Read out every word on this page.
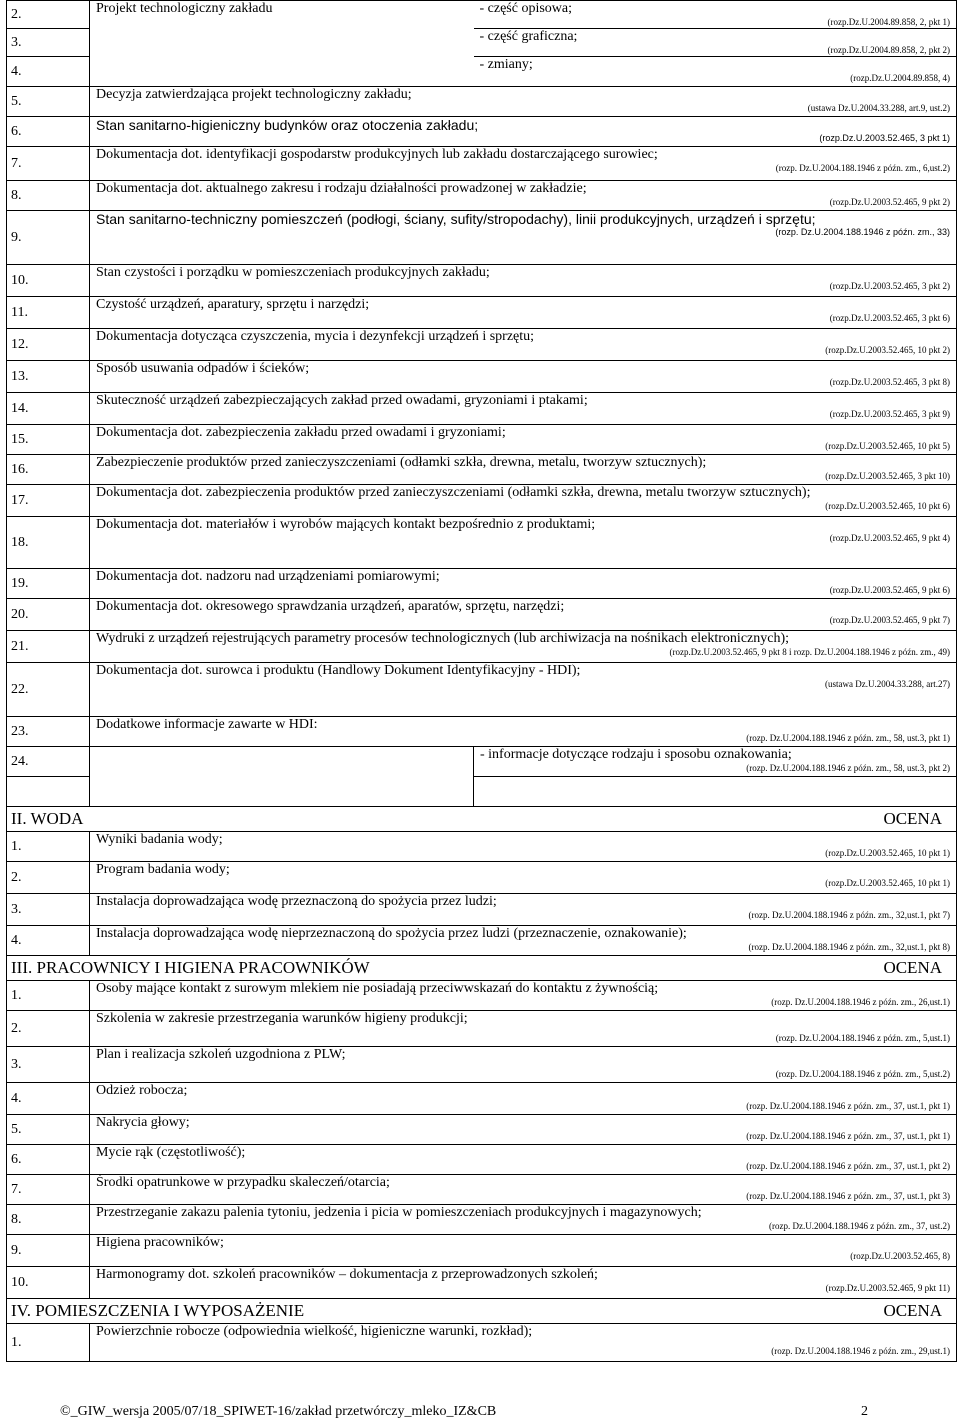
2.	Projekt technologiczny zakładu	- część opisowa;
(rozp.Dz.U.2004.89.858, 2, pkt 1)

3.		- część graficzna;
(rozp.Dz.U.2004.89.858, 2, pkt 2)

4.		- zmiany;
(rozp.Dz.U.2004.89.858, 4)

5.	Decyzja zatwierdzająca projekt technologiczny zakładu;
(ustawa Dz.U.2004.33.288, art.9, ust.2)	

6.	Stan sanitarno-higieniczny budynków oraz otoczenia zakładu;
(rozp.Dz.U.2003.52.465, 3 pkt 1)	

7.	Dokumentacja dot. identyfikacji gospodarstw produkcyjnych lub zakładu dostarczającego surowiec;
(rozp. Dz.U.2004.188.1946 z późn. zm., 6,ust.2)	

8.	Dokumentacja dot. aktualnego zakresu i rodzaju działalności prowadzonej w zakładzie;
(rozp.Dz.U.2003.52.465, 9 pkt 2)	

9.	Stan sanitarno-techniczny pomieszczeń (podłogi, ściany, sufity/stropodachy), linii produkcyjnych, urządzeń i sprzętu;
(rozp. Dz.U.2004.188.1946 z późn. zm., 33)	

10.	Stan czystości i porządku w pomieszczeniach produkcyjnych zakładu;
(rozp.Dz.U.2003.52.465, 3 pkt 2)	

11.	Czystość urządzeń, aparatury, sprzętu i narzędzi;
(rozp.Dz.U.2003.52.465, 3 pkt 6)	

12.	Dokumentacja dotycząca czyszczenia, mycia i dezynfekcji urządzeń i sprzętu;
(rozp.Dz.U.2003.52.465, 10 pkt 2)	

13.	Sposób usuwania odpadów i ścieków;
(rozp.Dz.U.2003.52.465, 3 pkt 8)	

14.	Skuteczność urządzeń zabezpieczających zakład przed owadami, gryzoniami i ptakami;
(rozp.Dz.U.2003.52.465, 3 pkt 9)	

15.	Dokumentacja dot. zabezpieczenia zakładu przed owadami i gryzoniami;
(rozp.Dz.U.2003.52.465, 10 pkt 5)	

16.	Zabezpieczenie produktów przed zanieczyszczeniami (odłamki szkła, drewna, metalu, tworzyw sztucznych);
(rozp.Dz.U.2003.52.465, 3 pkt 10)	

17.	Dokumentacja dot. zabezpieczenia produktów przed zanieczyszczeniami (odłamki szkła, drewna, metalu tworzyw sztucznych);
(rozp.Dz.U.2003.52.465, 10 pkt 6)	

18.	Dokumentacja dot. materiałów i wyrobów mających kontakt bezpośrednio z produktami;
(rozp.Dz.U.2003.52.465, 9 pkt 4)	

19.	Dokumentacja dot. nadzoru nad urządzeniami pomiarowymi;
(rozp.Dz.U.2003.52.465, 9 pkt 6)	

20.	Dokumentacja dot. okresowego sprawdzania urządzeń, aparatów, sprzętu, narzędzi;
(rozp.Dz.U.2003.52.465, 9 pkt 7)	

21.	Wydruki z urządzeń rejestrujących parametry procesów technologicznych (lub archiwizacja na nośnikach elektronicznych);
(rozp.Dz.U.2003.52.465, 9 pkt 8 i rozp. Dz.U.2004.188.1946 z późn. zm., 49)	

22.	Dokumentacja dot. surowca i produktu (Handlowy Dokument Identyfikacyjny - HDI);
(ustawa Dz.U.2004.33.288, art.27)	

23.	Dodatkowe informacje zawarte w HDI:
(rozp. Dz.U.2004.188.1946 z późn. zm., 58, ust.3, pkt 1)	

24.		- informacje dotyczące rodzaju i sposobu oznakowania;
(rozp. Dz.U.2004.188.1946 z późn. zm., 58, ust.3, pkt 2)

II. WODA OCENA		

1.	Wyniki badania wody;
(rozp.Dz.U.2003.52.465, 10 pkt 1)	

2.	Program badania wody;
(rozp.Dz.U.2003.52.465, 10 pkt 1)	

3.	Instalacja doprowadzająca wodę przeznaczoną do spożycia przez ludzi;
(rozp. Dz.U.2004.188.1946 z późn. zm., 32,ust.1, pkt 7)	

4.	Instalacja doprowadzająca wodę nieprzeznaczoną do spożycia przez ludzi (przeznaczenie, oznakowanie);
(rozp. Dz.U.2004.188.1946 z późn. zm., 32,ust.1, pkt 8)	

III. PRACOWNICY I HIGIENA PRACOWNIKÓW OCENA		

1.	Osoby mające kontakt z surowym mlekiem nie posiadają przeciwwskazań do kontaktu z żywnością;
(rozp. Dz.U.2004.188.1946 z późn. zm., 26,ust.1)	

2.	Szkolenia w zakresie przestrzegania warunków higieny produkcji;
(rozp. Dz.U.2004.188.1946 z późn. zm., 5,ust.1)	

3.	Plan i realizacja szkoleń uzgodniona z PLW;
(rozp. Dz.U.2004.188.1946 z późn. zm., 5,ust.2)	

4.	Odzież robocza;
(rozp. Dz.U.2004.188.1946 z późn. zm., 37, ust.1, pkt 1)	

5.	Nakrycia głowy;
(rozp. Dz.U.2004.188.1946 z późn. zm., 37, ust.1, pkt 1)	

6.	Mycie rąk (częstotliwość);
(rozp. Dz.U.2004.188.1946 z późn. zm., 37, ust.1, pkt 2)	

7.	Środki opatrunkowe w przypadku skaleczeń/otarcia;
(rozp. Dz.U.2004.188.1946 z późn. zm., 37, ust.1, pkt 3)	

8.	Przestrzeganie zakazu palenia tytoniu, jedzenia i picia w pomieszczeniach produkcyjnych i magazynowych;
(rozp. Dz.U.2004.188.1946 z późn. zm., 37, ust.2)	

9.	Higiena pracowników;
(rozp.Dz.U.2003.52.465, 8)	

10.	Harmonogramy dot. szkoleń pracowników – dokumentacja z przeprowadzonych szkoleń;
(rozp.Dz.U.2003.52.465, 9 pkt 11)	

IV. POMIESZCZENIA I WYPOSAŻENIE OCENA		

1.	Powierzchnie robocze (odpowiednia wielkość, higieniczne warunki, rozkład);
(rozp. Dz.U.2004.188.1946 z późn. zm., 29,ust.1)	
©_GIW_wersja 2005/07/18_SPIWET-16/zakład przetwórczy_mleko_IZ&CB	2
